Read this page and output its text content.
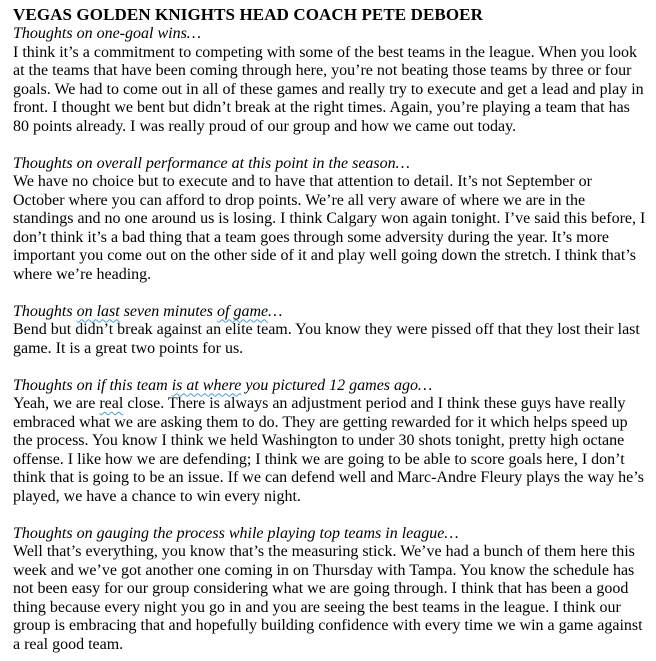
VEGAS GOLDEN KNIGHTS HEAD COACH PETE DEBOER
Thoughts on one-goal wins…
I think it’s a commitment to competing with some of the best teams in the league. When you look at the teams that have been coming through here, you’re not beating those teams by three or four goals. We had to come out in all of these games and really try to execute and get a lead and play in front. I thought we bent but didn’t break at the right times. Again, you’re playing a team that has 80 points already. I was really proud of our group and how we came out today.
Thoughts on overall performance at this point in the season…
We have no choice but to execute and to have that attention to detail. It’s not September or October where you can afford to drop points. We’re all very aware of where we are in the standings and no one around us is losing. I think Calgary won again tonight. I’ve said this before, I don’t think it’s a bad thing that a team goes through some adversity during the year. It’s more important you come out on the other side of it and play well going down the stretch. I think that’s where we’re heading.
Thoughts on last seven minutes of game…
Bend but didn’t break against an elite team. You know they were pissed off that they lost their last game. It is a great two points for us.
Thoughts on if this team is at where you pictured 12 games ago…
Yeah, we are real close. There is always an adjustment period and I think these guys have really embraced what we are asking them to do. They are getting rewarded for it which helps speed up the process. You know I think we held Washington to under 30 shots tonight, pretty high octane offense. I like how we are defending; I think we are going to be able to score goals here, I don’t think that is going to be an issue. If we can defend well and Marc-Andre Fleury plays the way he’s played, we have a chance to win every night.
Thoughts on gauging the process while playing top teams in league…
Well that’s everything, you know that’s the measuring stick. We’ve had a bunch of them here this week and we’ve got another one coming in on Thursday with Tampa. You know the schedule has not been easy for our group considering what we are going through. I think that has been a good thing because every night you go in and you are seeing the best teams in the league. I think our group is embracing that and hopefully building confidence with every time we win a game against a real good team.
